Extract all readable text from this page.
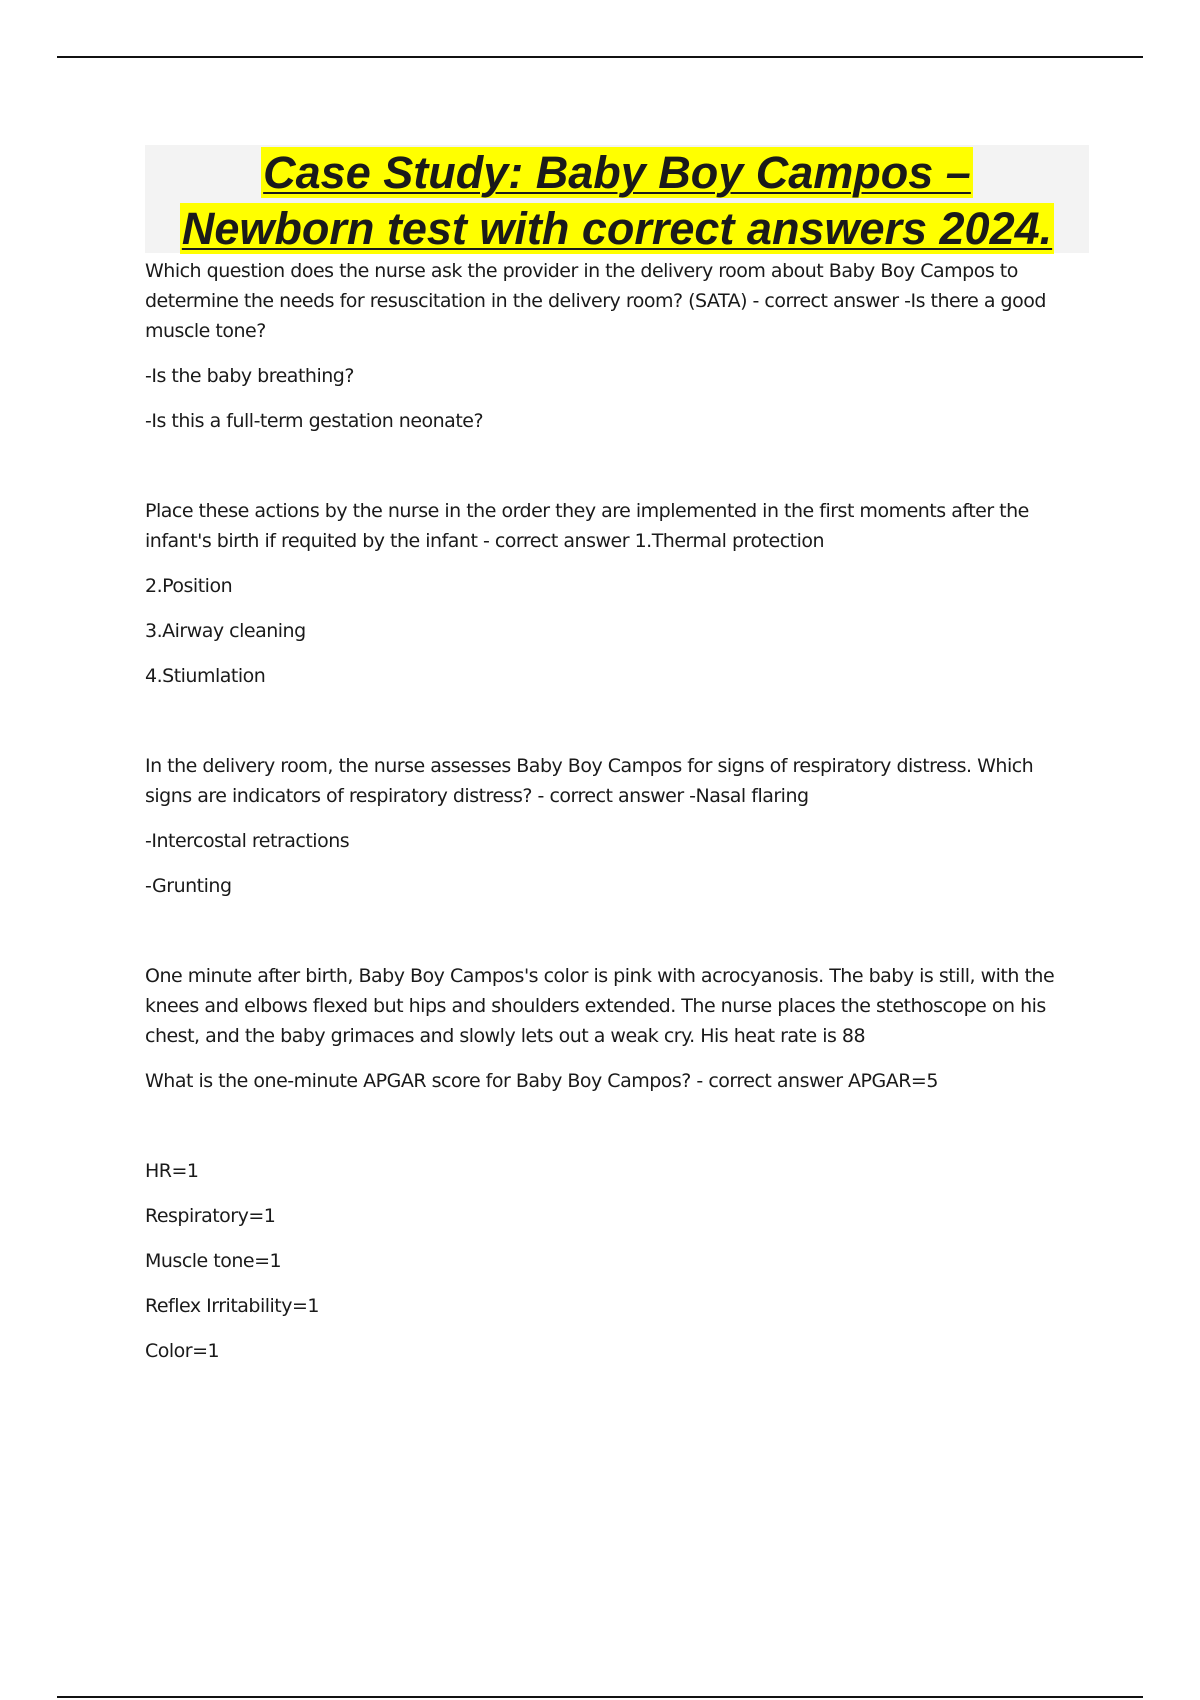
Case Study: Baby Boy Campos –
Newborn test with correct answers 2024.

Which question does the nurse ask the provider in the delivery room about Baby Boy Campos to determine the needs for resuscitation in the delivery room? (SATA) - correct answer -Is there a good muscle tone?

-Is the baby breathing?

-Is this a full-term gestation neonate?

Place these actions by the nurse in the order they are implemented in the first moments after the infant's birth if requited by the infant - correct answer 1.Thermal protection

2.Position

3.Airway cleaning

4.Stiumlation

In the delivery room, the nurse assesses Baby Boy Campos for signs of respiratory distress. Which signs are indicators of respiratory distress? - correct answer -Nasal flaring

-Intercostal retractions

-Grunting

One minute after birth, Baby Boy Campos's color is pink with acrocyanosis. The baby is still, with the knees and elbows flexed but hips and shoulders extended. The nurse places the stethoscope on his chest, and the baby grimaces and slowly lets out a weak cry. His heat rate is 88

What is the one-minute APGAR score for Baby Boy Campos? - correct answer APGAR=5

HR=1

Respiratory=1

Muscle tone=1

Reflex Irritability=1

Color=1
